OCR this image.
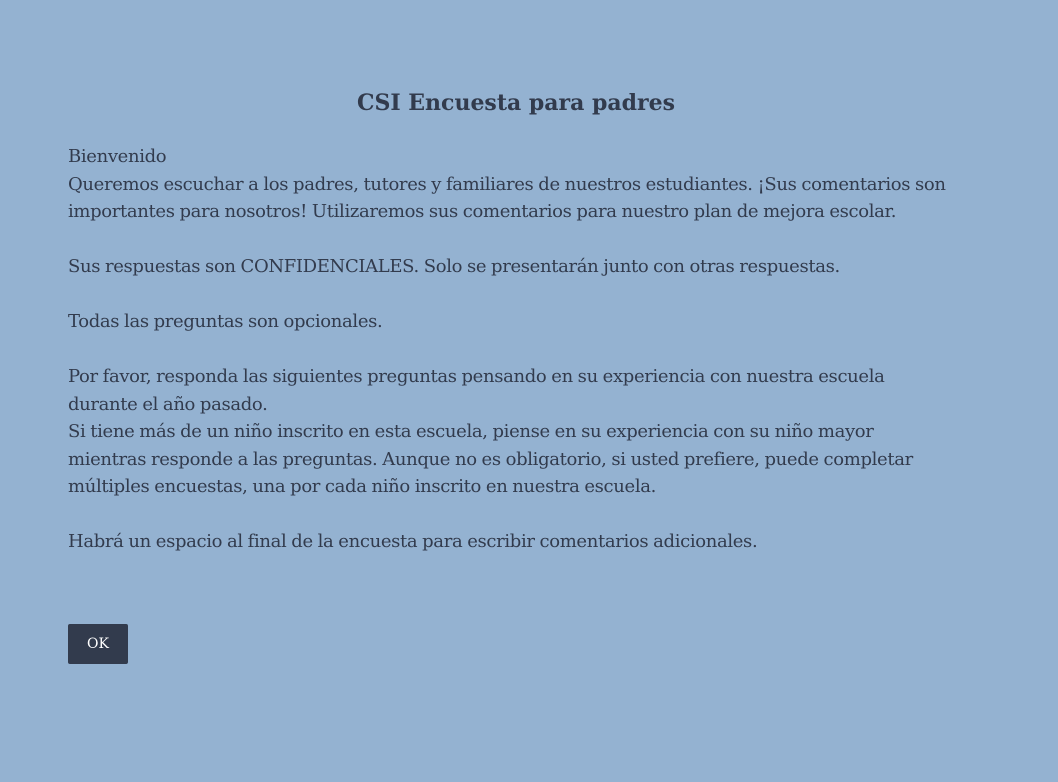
CSI Encuesta para padres

Bienvenido

Queremos escuchar a los padres, tutores y familiares de nuestros estudiantes. ¡Sus comentarios son importantes para nosotros! Utilizaremos sus comentarios para nuestro plan de mejora escolar.

Sus respuestas son CONFIDENCIALES. Solo se presentarán junto con otras respuestas.

Todas las preguntas son opcionales.

Por favor, responda las siguientes preguntas pensando en su experiencia con nuestra escuela durante el año pasado.

Si tiene más de un niño inscrito en esta escuela, piense en su experiencia con su niño mayor mientras responde a las preguntas. Aunque no es obligatorio, si usted prefiere, puede completar múltiples encuestas, una por cada niño inscrito en nuestra escuela.

Habrá un espacio al final de la encuesta para escribir comentarios adicionales.

OK
